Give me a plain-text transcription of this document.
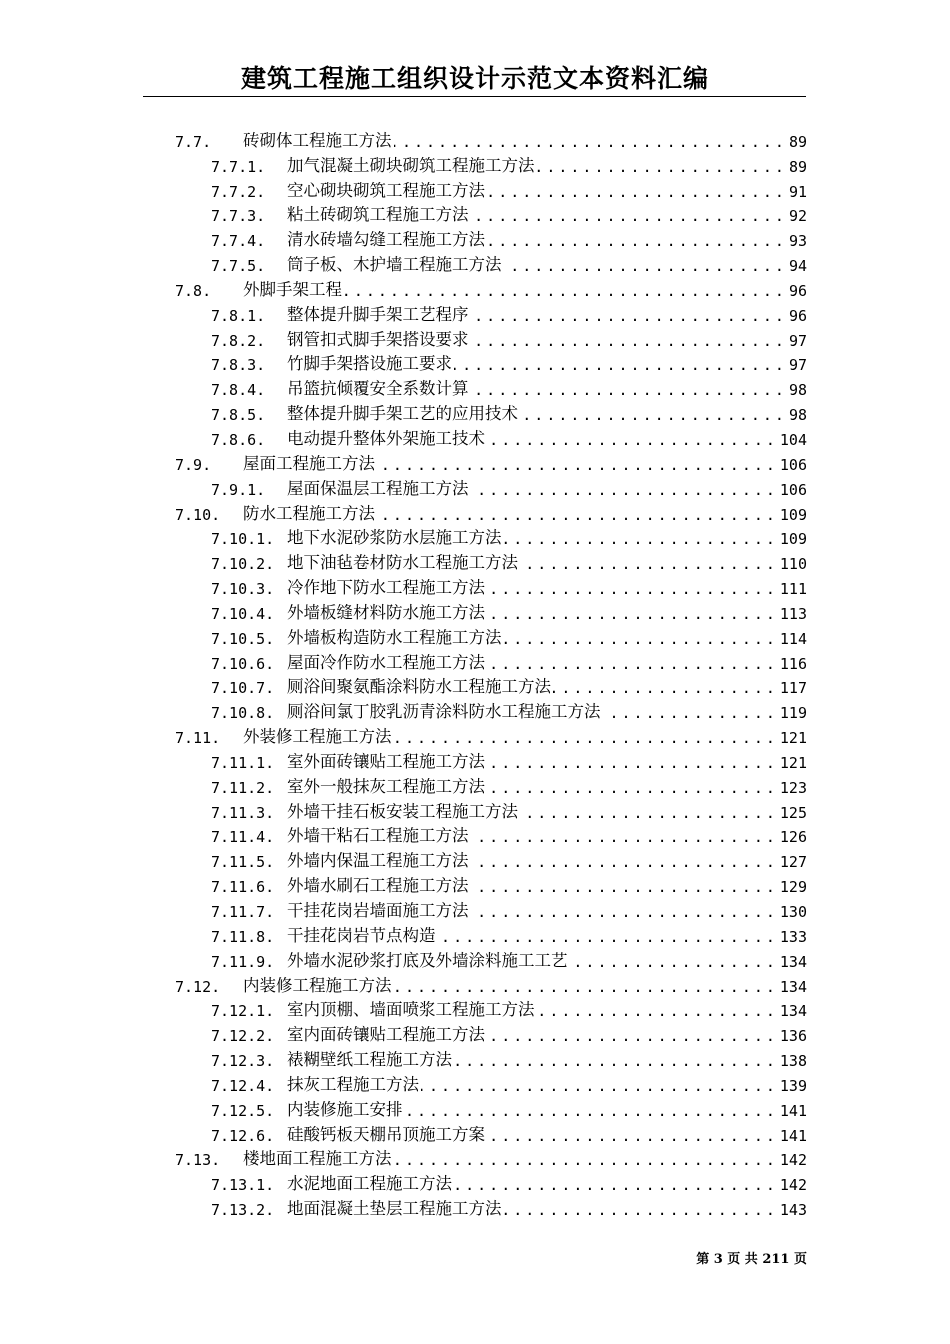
建筑工程施工组织设计示范文本资料汇编
7.7.	砖砌体工程施工方法 .....	89
7.7.1.	加气混凝土砌块砌筑工程施工方法 .....	89
7.7.2.	空心砌块砌筑工程施工方法 .....	91
7.7.3.	粘土砖砌筑工程施工方法 .....	92
7.7.4.	清水砖墙勾缝工程施工方法 .....	93
7.7.5.	筒子板、木护墙工程施工方法 .....	94
7.8.	外脚手架工程 .....	96
7.8.1.	整体提升脚手架工艺程序 .....	96
7.8.2.	钢管扣式脚手架搭设要求 .....	97
7.8.3.	竹脚手架搭设施工要求 .....	97
7.8.4.	吊篮抗倾覆安全系数计算 .....	98
7.8.5.	整体提升脚手架工艺的应用技术 .....	98
7.8.6.	电动提升整体外架施工技术 .....	104
7.9.	屋面工程施工方法 .....	106
7.9.1.	屋面保温层工程施工方法 .....	106
7.10.	防水工程施工方法 .....	109
7.10.1. 地下水泥砂浆防水层施工方法 .....	109
7.10.2. 地下油毡卷材防水工程施工方法 .....	110
7.10.3. 冷作地下防水工程施工方法 .....	111
7.10.4. 外墙板缝材料防水施工方法 .....	113
7.10.5. 外墙板构造防水工程施工方法 .....	114
7.10.6. 屋面冷作防水工程施工方法 .....	116
7.10.7. 厕浴间聚氨酯涂料防水工程施工方法 .....	117
7.10.8. 厕浴间氯丁胶乳沥青涂料防水工程施工方法 .....	119
7.11.	外装修工程施工方法 .....	121
7.11.1. 室外面砖镶贴工程施工方法 .....	121
7.11.2. 室外一般抹灰工程施工方法 .....	123
7.11.3. 外墙干挂石板安装工程施工方法 .....	125
7.11.4. 外墙干粘石工程施工方法 .....	126
7.11.5. 外墙内保温工程施工方法 .....	127
7.11.6. 外墙水刷石工程施工方法 .....	129
7.11.7. 干挂花岗岩墙面施工方法 .....	130
7.11.8. 干挂花岗岩节点构造 .....	133
7.11.9. 外墙水泥砂浆打底及外墙涂料施工工艺 .....	134
7.12.	内装修工程施工方法 .....	134
7.12.1. 室内顶棚、墙面喷浆工程施工方法 .....	134
7.12.2. 室内面砖镶贴工程施工方法 .....	136
7.12.3. 裱糊壁纸工程施工方法 .....	138
7.12.4. 抹灰工程施工方法 .....	139
7.12.5. 内装修施工安排 .....	141
7.12.6. 硅酸钙板天棚吊顶施工方案 .....	141
7.13.	楼地面工程施工方法 .....	142
7.13.1. 水泥地面工程施工方法 .....	142
7.13.2. 地面混凝土垫层工程施工方法 .....	143
第 3 页 共 211 页
